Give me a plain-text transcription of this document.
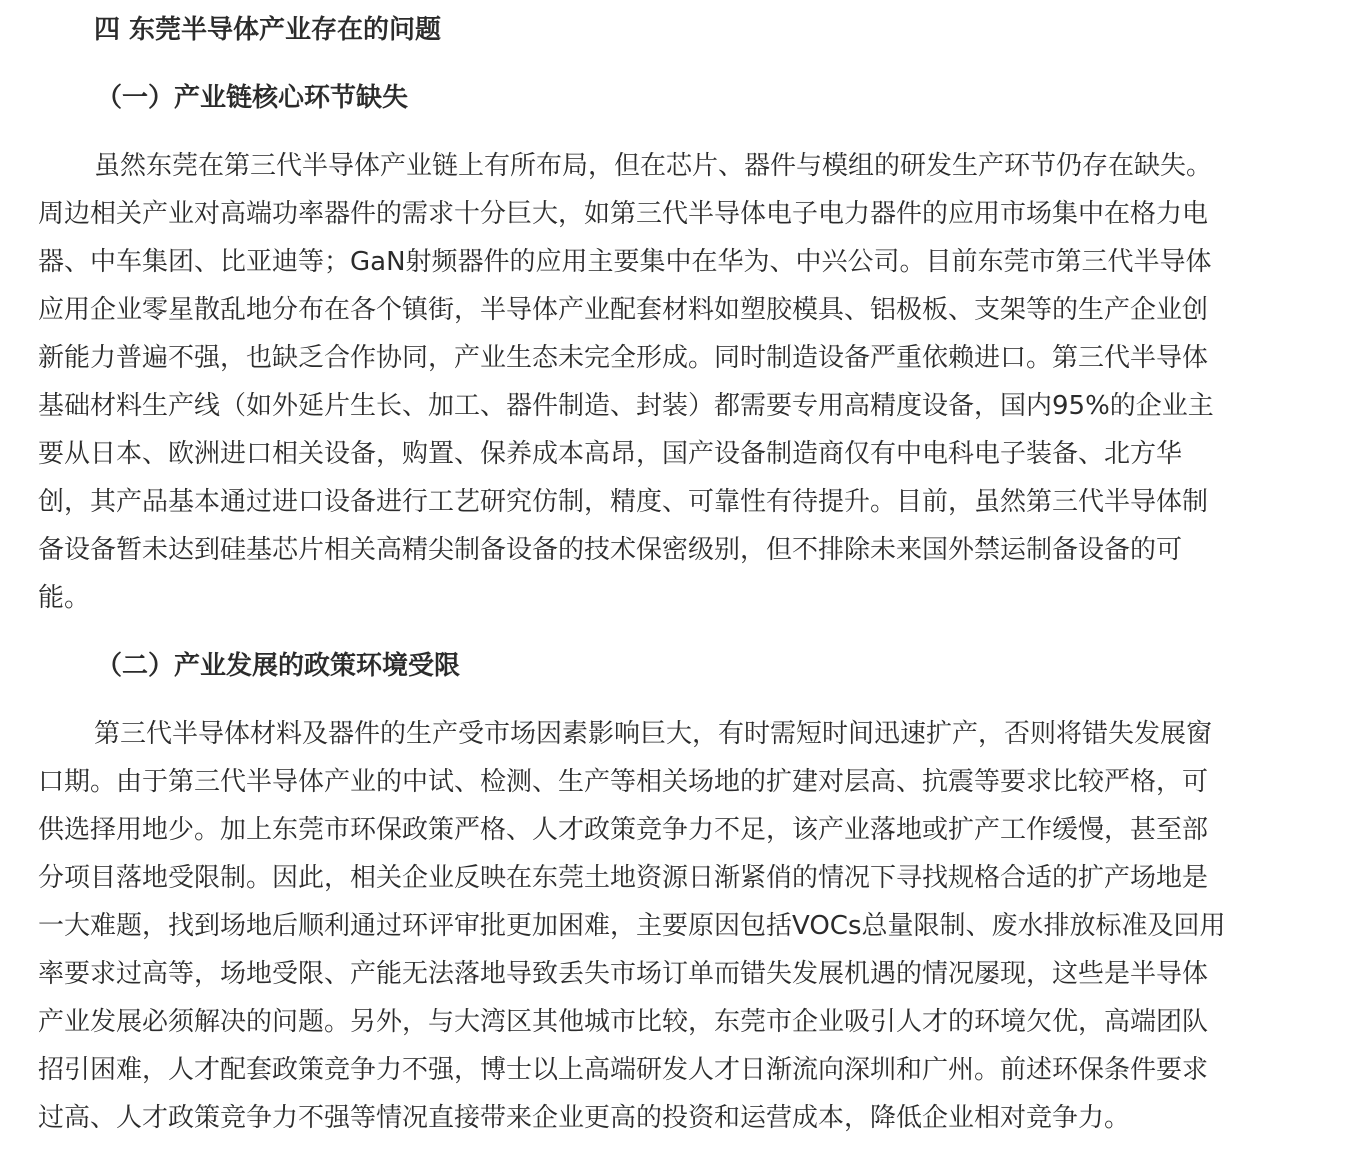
四 东莞半导体产业存在的问题
（一）产业链核心环节缺失
虽然东莞在第三代半导体产业链上有所布局，但在芯片、器件与模组的研发生产环节仍存在缺失。
周边相关产业对高端功率器件的需求十分巨大，如第三代半导体电子电力器件的应用市场集中在格力电
器、中车集团、比亚迪等；GaN射频器件的应用主要集中在华为、中兴公司。目前东莞市第三代半导体
应用企业零星散乱地分布在各个镇街，半导体产业配套材料如塑胶模具、铝极板、支架等的生产企业创
新能力普遍不强，也缺乏合作协同，产业生态未完全形成。同时制造设备严重依赖进口。第三代半导体
基础材料生产线（如外延片生长、加工、器件制造、封装）都需要专用高精度设备，国内95%的企业主
要从日本、欧洲进口相关设备，购置、保养成本高昂，国产设备制造商仅有中电科电子装备、北方华
创，其产品基本通过进口设备进行工艺研究仿制，精度、可靠性有待提升。目前，虽然第三代半导体制
备设备暂未达到硅基芯片相关高精尖制备设备的技术保密级别，但不排除未来国外禁运制备设备的可
能。
（二）产业发展的政策环境受限
第三代半导体材料及器件的生产受市场因素影响巨大，有时需短时间迅速扩产，否则将错失发展窗
口期。由于第三代半导体产业的中试、检测、生产等相关场地的扩建对层高、抗震等要求比较严格，可
供选择用地少。加上东莞市环保政策严格、人才政策竞争力不足，该产业落地或扩产工作缓慢，甚至部
分项目落地受限制。因此，相关企业反映在东莞土地资源日渐紧俏的情况下寻找规格合适的扩产场地是
一大难题，找到场地后顺利通过环评审批更加困难，主要原因包括VOCs总量限制、废水排放标准及回用
率要求过高等，场地受限、产能无法落地导致丢失市场订单而错失发展机遇的情况屡现，这些是半导体
产业发展必须解决的问题。另外，与大湾区其他城市比较，东莞市企业吸引人才的环境欠优，高端团队
招引困难，人才配套政策竞争力不强，博士以上高端研发人才日渐流向深圳和广州。前述环保条件要求
过高、人才政策竞争力不强等情况直接带来企业更高的投资和运营成本，降低企业相对竞争力。
